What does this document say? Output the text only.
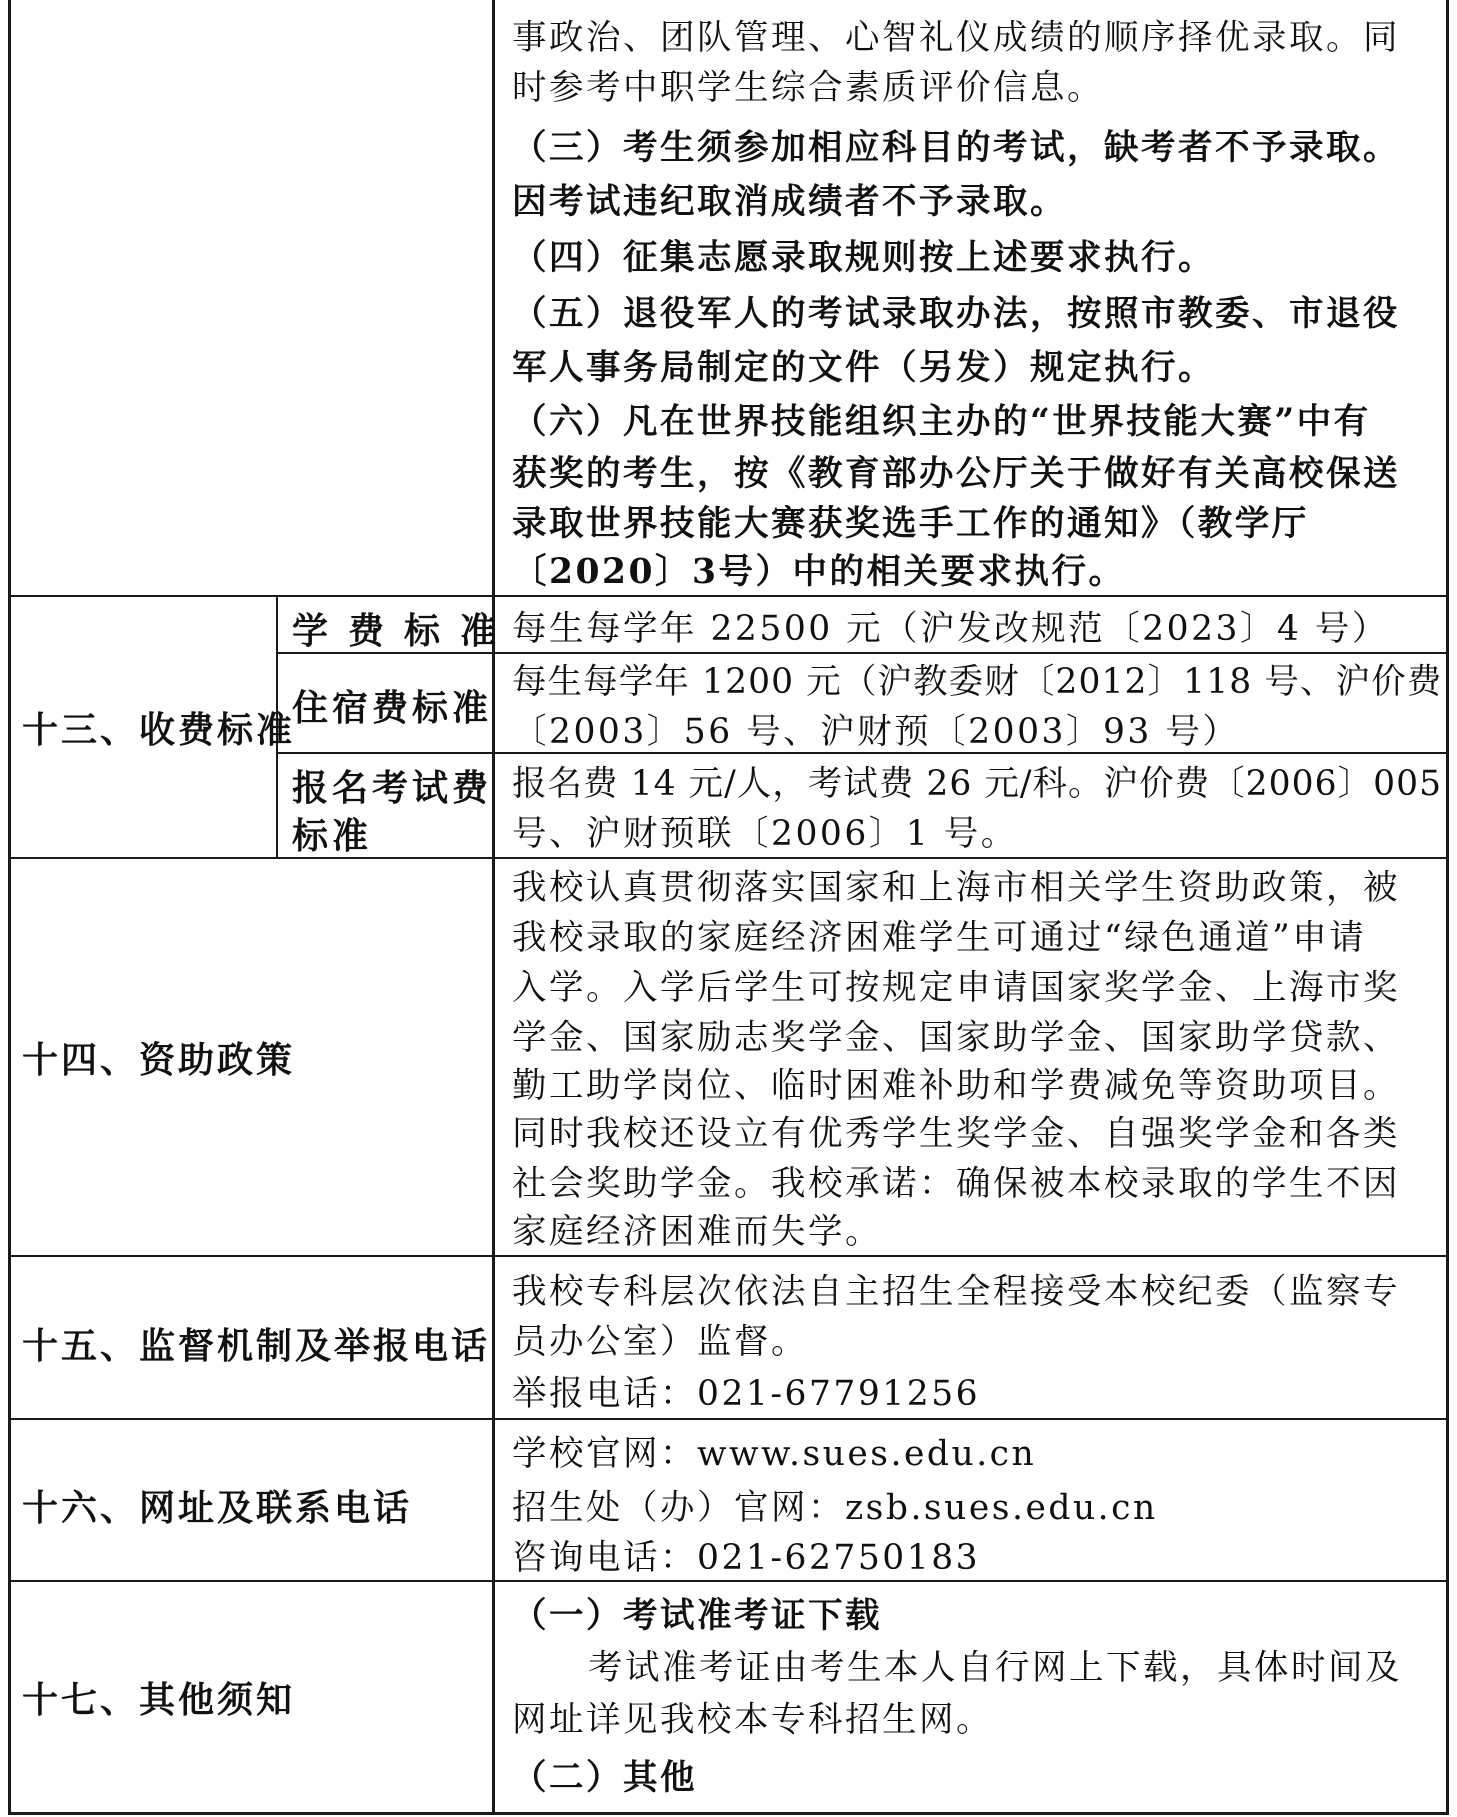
事政治、团队管理、心智礼仪成绩的顺序择优录取。同
时参考中职学生综合素质评价信息。
（三）考生须参加相应科目的考试，缺考者不予录取。
因考试违纪取消成绩者不予录取。
（四）征集志愿录取规则按上述要求执行。
（五）退役军人的考试录取办法，按照市教委、市退役
军人事务局制定的文件（另发）规定执行。
（六）凡在世界技能组织主办的“世界技能大赛”中有
获奖的考生，按《教育部办公厅关于做好有关高校保送
录取世界技能大赛获奖选手工作的通知》（教学厅
〔2020〕3号）中的相关要求执行。
十三、收费标准
学费标准
每生每学年 22500 元（沪发改规范〔2023〕4 号）
住宿费标准
每生每学年 1200 元（沪教委财〔2012〕118 号、沪价费
〔2003〕56 号、沪财预〔2003〕93 号）
报名考试费
标准
报名费 14 元/人，考试费 26 元/科。沪价费〔2006〕005
号、沪财预联〔2006〕1 号。
十四、资助政策
我校认真贯彻落实国家和上海市相关学生资助政策，被
我校录取的家庭经济困难学生可通过“绿色通道”申请
入学。入学后学生可按规定申请国家奖学金、上海市奖
学金、国家励志奖学金、国家助学金、国家助学贷款、
勤工助学岗位、临时困难补助和学费减免等资助项目。
同时我校还设立有优秀学生奖学金、自强奖学金和各类
社会奖助学金。我校承诺：确保被本校录取的学生不因
家庭经济困难而失学。
十五、监督机制及举报电话
我校专科层次依法自主招生全程接受本校纪委（监察专
员办公室）监督。
举报电话：021-67791256
十六、网址及联系电话
学校官网：www.sues.edu.cn
招生处（办）官网：zsb.sues.edu.cn
咨询电话：021-62750183
十七、其他须知
（一）考试准考证下载
考试准考证由考生本人自行网上下载，具体时间及
网址详见我校本专科招生网。
（二）其他
